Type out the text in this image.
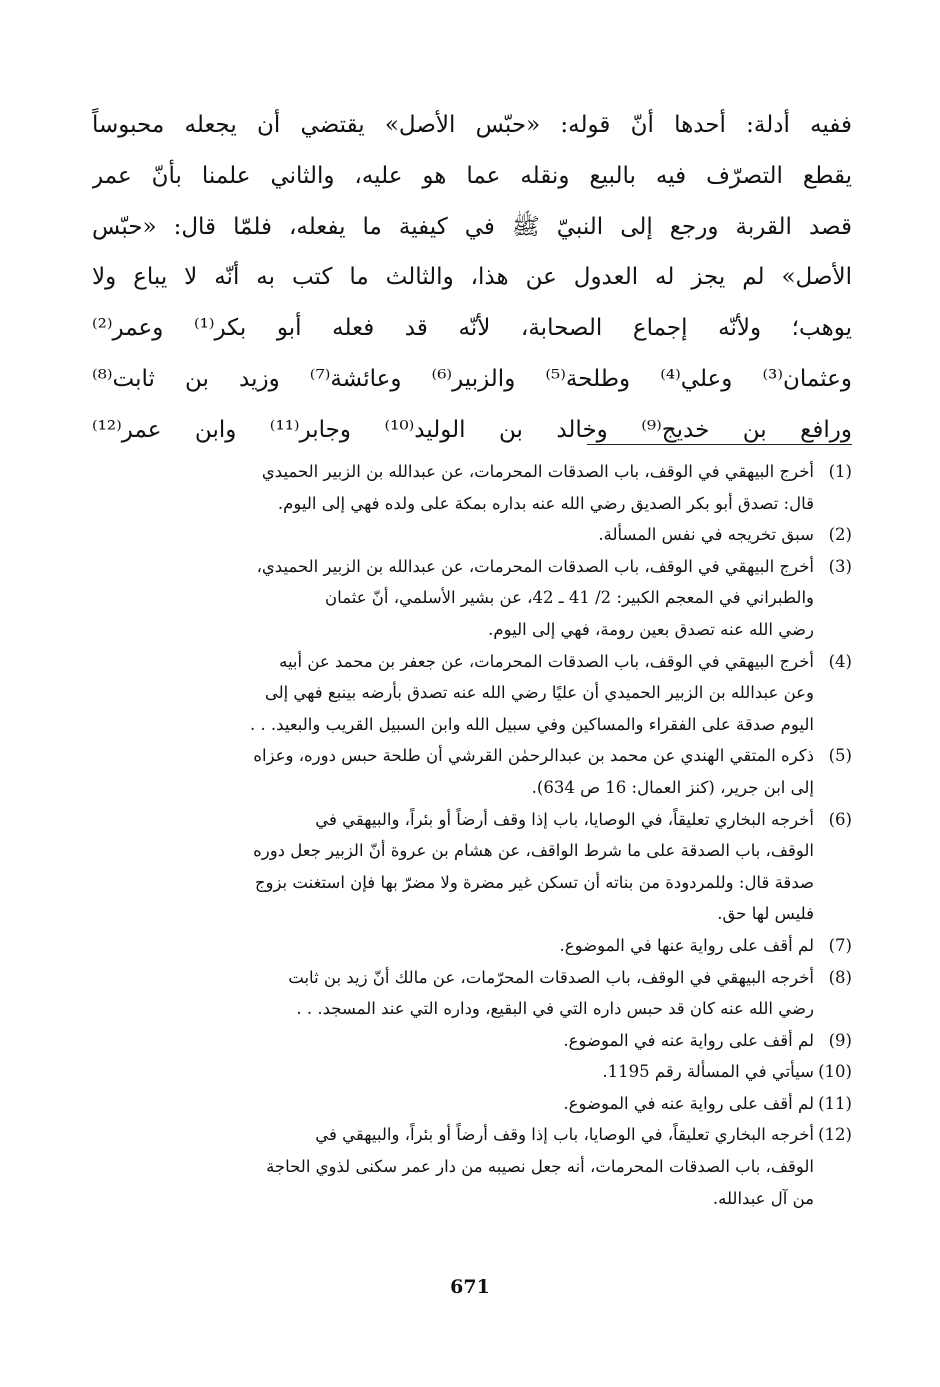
ففيه أدلة: أحدها أنّ قوله: «حبّس الأصل» يقتضي أن يجعله محبوساً
يقطع التصرّف فيه بالبيع ونقله عما هو عليه، والثاني علمنا بأنّ عمر
قصد القربة ورجع إلى النبيّ ﷺ في كيفية ما يفعله، فلمّا قال: «حبّس
الأصل» لم يجز له العدول عن هذا، والثالث ما كتب به أنّه لا يباع ولا
يوهب؛ ولأنّه إجماع الصحابة، لأنّه قد فعله أبو بكر⁽¹⁾ وعمر⁽²⁾
وعثمان⁽³⁾ وعلي⁽⁴⁾ وطلحة⁽⁵⁾ والزبير⁽⁶⁾ وعائشة⁽⁷⁾ وزيد بن ثابت⁽⁸⁾
ورافع بن خديج⁽⁹⁾ وخالد بن الوليد⁽¹⁰⁾ وجابر⁽¹¹⁾ وابن عمر⁽¹²⁾
(1)
أخرج البيهقي في الوقف، باب الصدقات المحرمات، عن عبدالله بن الزبير الحميدي
قال: تصدق أبو بكر الصديق رضي الله عنه بداره بمكة على ولده فهي إلى اليوم.
(2)
سبق تخريجه في نفس المسألة.
(3)
أخرج البيهقي في الوقف، باب الصدقات المحرمات، عن عبدالله بن الزبير الحميدي،
والطبراني في المعجم الكبير: 2/ 41 ـ 42، عن بشير الأسلمي، أنّ عثمان
رضي الله عنه تصدق بعين رومة، فهي إلى اليوم.
(4)
أخرج البيهقي في الوقف، باب الصدقات المحرمات، عن جعفر بن محمد عن أبيه
وعن عبدالله بن الزبير الحميدي أن عليًا رضي الله عنه تصدق بأرضه بينبع فهي إلى
اليوم صدقة على الفقراء والمساكين وفي سبيل الله وابن السبيل القريب والبعيد. . .
(5)
ذكره المتقي الهندي عن محمد بن عبدالرحمٰن القرشي أن طلحة حبس دوره، وعزاه
إلى ابن جرير، (كنز العمال: 16 ص 634).
(6)
أخرجه البخاري تعليقاً، في الوصايا، باب إذا وقف أرضاً أو بئراً، والبيهقي في
الوقف، باب الصدقة على ما شرط الواقف، عن هشام بن عروة أنّ الزبير جعل دوره
صدقة قال: وللمردودة من بناته أن تسكن غير مضرة ولا مضرّ بها فإن استغنت بزوج
فليس لها حق.
(7)
لم أقف على رواية عنها في الموضوع.
(8)
أخرجه البيهقي في الوقف، باب الصدقات المحرّمات، عن مالك أنّ زيد بن ثابت
رضي الله عنه كان قد حبس داره التي في البقيع، وداره التي عند المسجد. . .
(9)
لم أقف على رواية عنه في الموضوع.
(10)
سيأتي في المسألة رقم 1195.
(11)
لم أقف على رواية عنه في الموضوع.
(12)
أخرجه البخاري تعليقاً، في الوصايا، باب إذا وقف أرضاً أو بئراً، والبيهقي في
الوقف، باب الصدقات المحرمات، أنه جعل نصيبه من دار عمر سكنى لذوي الحاجة
من آل عبدالله.
671
